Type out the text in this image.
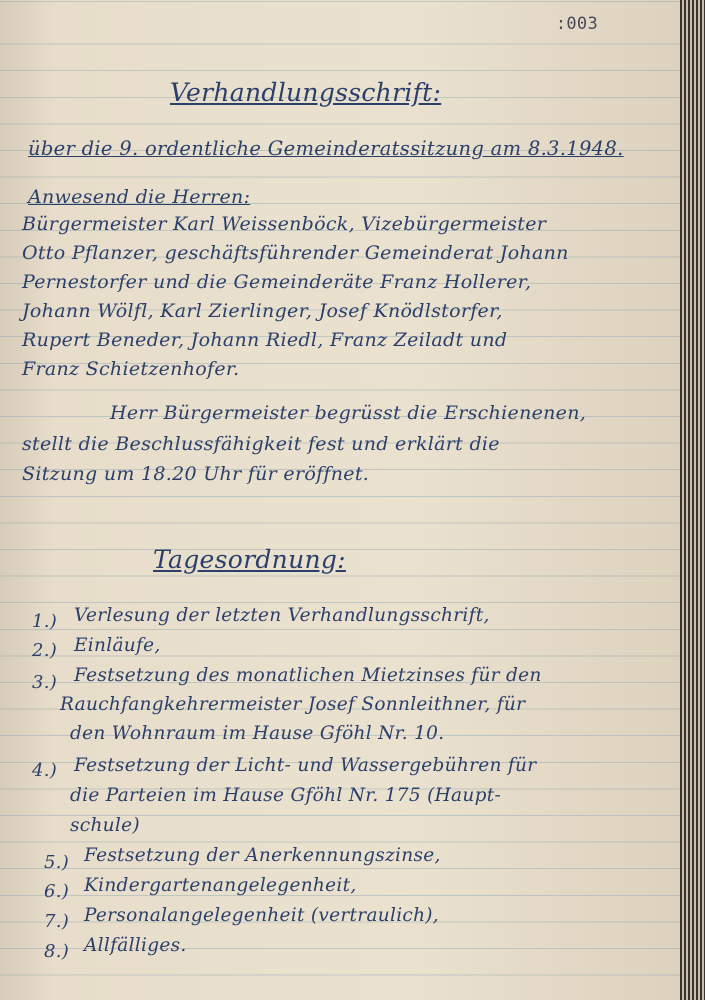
:003
Verhandlungsschrift:
über die 9. ordentliche Gemeinderatssitzung am 8.3.1948.
Anwesend die Herren:
Bürgermeister Karl Weissenböck, Vizebürgermeister
Otto Pflanzer, geschäftsführender Gemeinderat Johann
Pernestorfer und die Gemeinderäte Franz Hollerer,
Johann Wölfl, Karl Zierlinger, Josef Knödlstorfer,
Rupert Beneder, Johann Riedl, Franz Zeiladt und
Franz Schietzenhofer.
Herr Bürgermeister begrüsst die Erschienenen,
stellt die Beschlussfähigkeit fest und erklärt die
Sitzung um 18.20 Uhr für eröffnet.
Tagesordnung:
1.) Verlesung der letzten Verhandlungsschrift,
2.) Einläufe,
3.) Festsetzung des monatlichen Mietzinses für den
Rauchfangkehrermeister Josef Sonnleithner, für
den Wohnraum im Hause Gföhl Nr. 10.
4.) Festsetzung der Licht- und Wassergebühren für
die Parteien im Hause Gföhl Nr. 175 (Haupt-
schule)
5.) Festsetzung der Anerkennungszinse,
6.) Kindergartenangelegenheit,
7.) Personalangelegenheit (vertraulich),
8.) Allfälliges.
